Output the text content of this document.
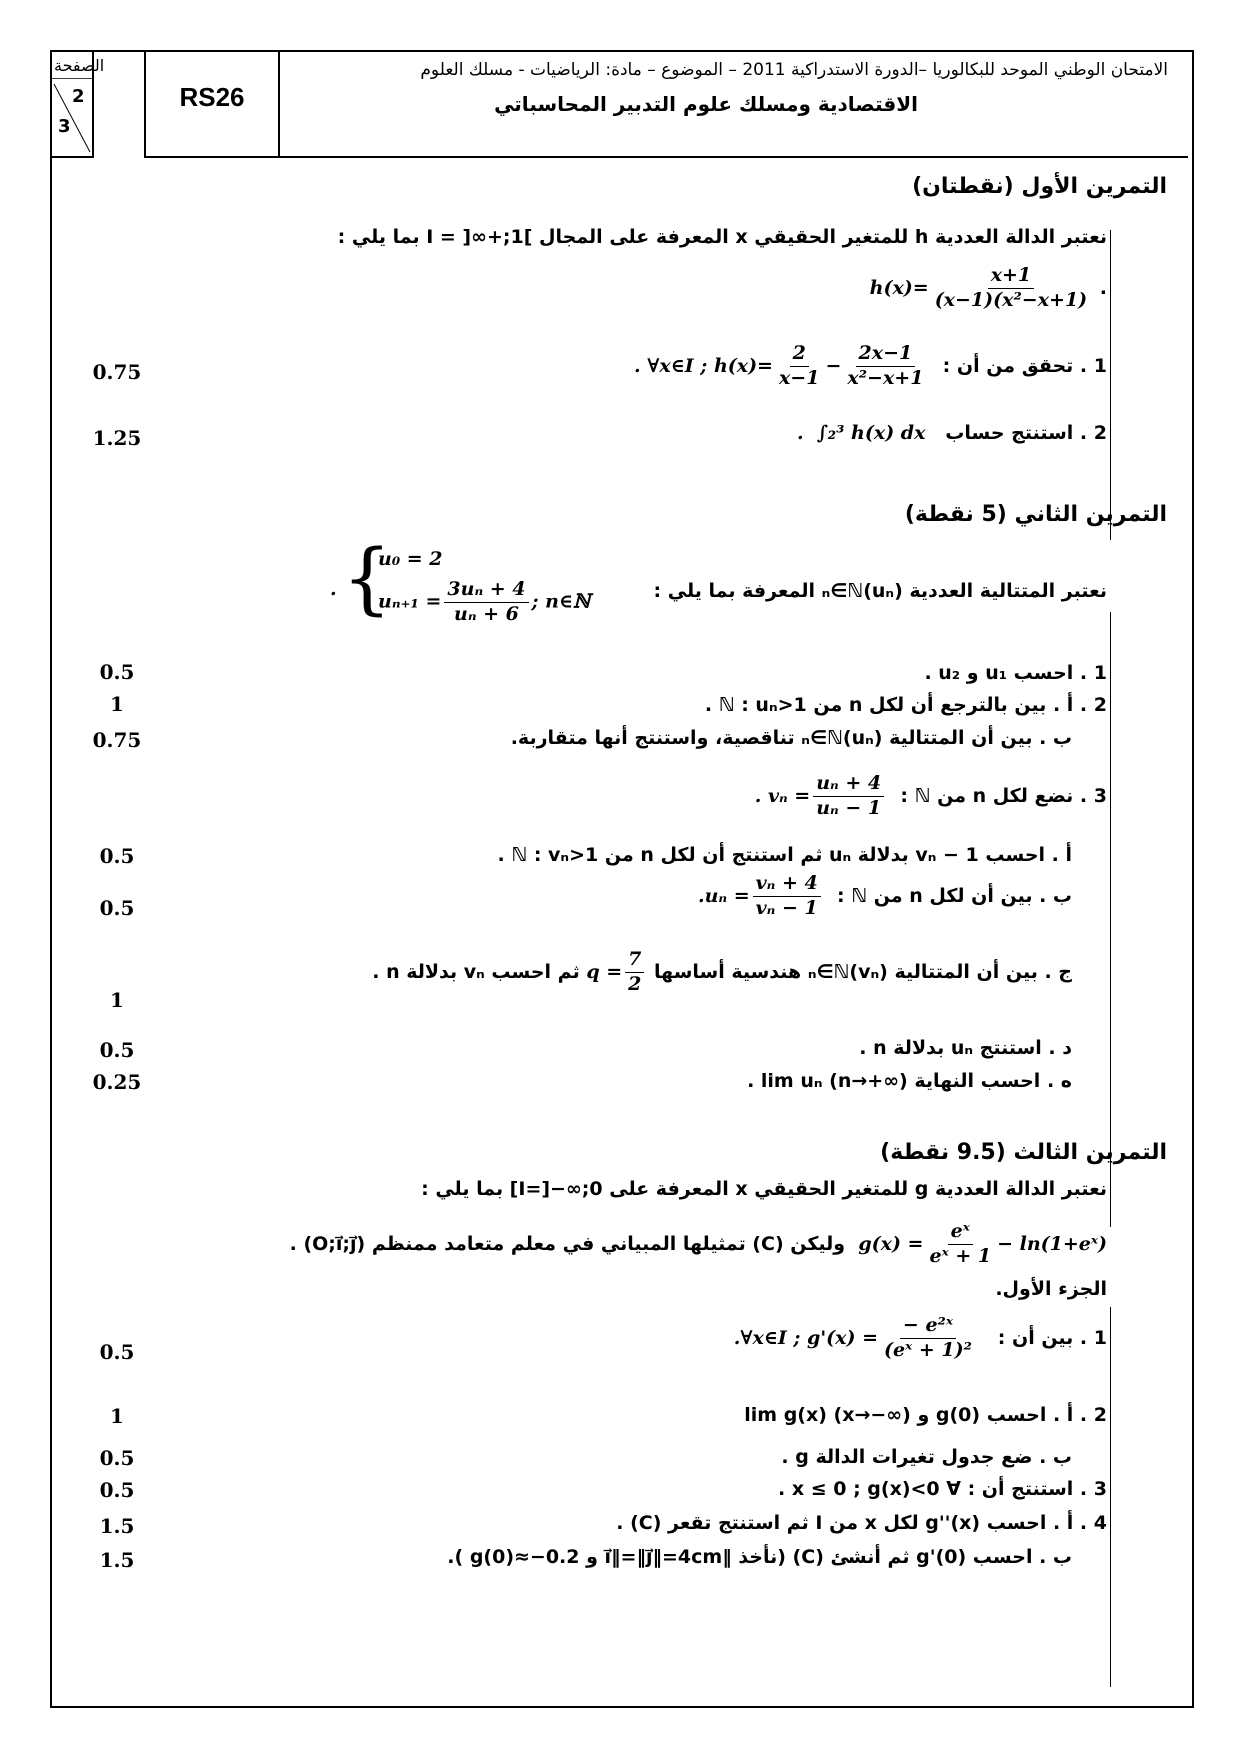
الصفحة
2
3
RS26
الامتحان الوطني الموحد للبكالوريا –الدورة الاستدراكية 2011 – الموضوع – مادة: الرياضيات - مسلك العلوم
الاقتصادية ومسلك علوم التدبير المحاسباتي
التمرين الأول (نقطتان)
نعتبر الدالة العددية h للمتغير الحقيقي x المعرفة على المجال ]1;+∞[ = I بما يلي :
$h(x)= \frac{x+1}{\text{(x−1)(x²−x+1)}}$ .
. ∀x∈I ; $h(x)= \frac{2}{x-1} - \frac{2x-1}{\text{x²−x+1}} 1$ . تحقق من أن :
.  ∫₂³ h(x) dx 2 . استنتج حساب
0.75
1.25
التمرين الثاني (5 نقطة)
نعتبر المتتالية العددية (uₙ)ₙ∈ℕ المعرفة بما يلي :
{
u₀ = 2
$u_{n+1} = \frac{\text{3uₙ + 4}}{\text{uₙ + 6}}$ ; n∈ℕ
.
1 . احسب u₁ و u₂ .
2 . أ . بين بالترجع أن لكل n من ℕ : uₙ>1 .
ب . بين أن المتتالية (uₙ)ₙ∈ℕ تناقصية، واستنتج أنها متقاربة.
. $v_n = \frac{\text{uₙ + 4}}{\text{uₙ − 1}} 3$ . نضع لكل n من ℕ :
أ . احسب vₙ − 1 بدلالة uₙ ثم استنتج أن لكل n من ℕ : vₙ>1 .
$.u_n = \frac{\text{vₙ + 4}}{\text{vₙ − 1}}$ ب . بين أن لكل n من ℕ :
ثم احسب vₙ بدلالة n . $q = \frac{7}{2}$ ج . بين أن المتتالية (vₙ)ₙ∈ℕ هندسية أساسها
د . استنتج uₙ بدلالة n .
ه . احسب النهاية lim uₙ (n→+∞) .
0.5
1
0.75
0.5
0.5
1
0.5
0.25
التمرين الثالث (9.5 نقطة)
نعتبر الدالة العددية g للمتغير الحقيقي x المعرفة على I=]−∞;0] بما يلي :
وليكن (C) تمثيلها المبياني في معلم متعامد ممنظم (O;i⃗;j⃗) . $g(x) = \frac{\text{eˣ}}{\text{eˣ + 1}}$ − ln(1+eˣ)
الجزء الأول.
.∀x∈I ; $g'(x) = \frac{\text{− e²ˣ}}{\text{(eˣ + 1)²}} 1$ . بين أن :
2 . أ . احسب g(0) و lim g(x) (x→−∞)
ب . ضع جدول تغيرات الدالة g .
3 . استنتج أن : ∀ x ≤ 0 ; g(x)<0 .
4 . أ . احسب g''(x) لكل x من I ثم استنتج تقعر (C) .
ب . احسب g'(0) ثم أنشئ (C) (نأخذ ‖i⃗‖=‖j⃗‖=4cm و g(0)≈−0.2 ).
0.5
1
0.5
0.5
1.5
1.5
